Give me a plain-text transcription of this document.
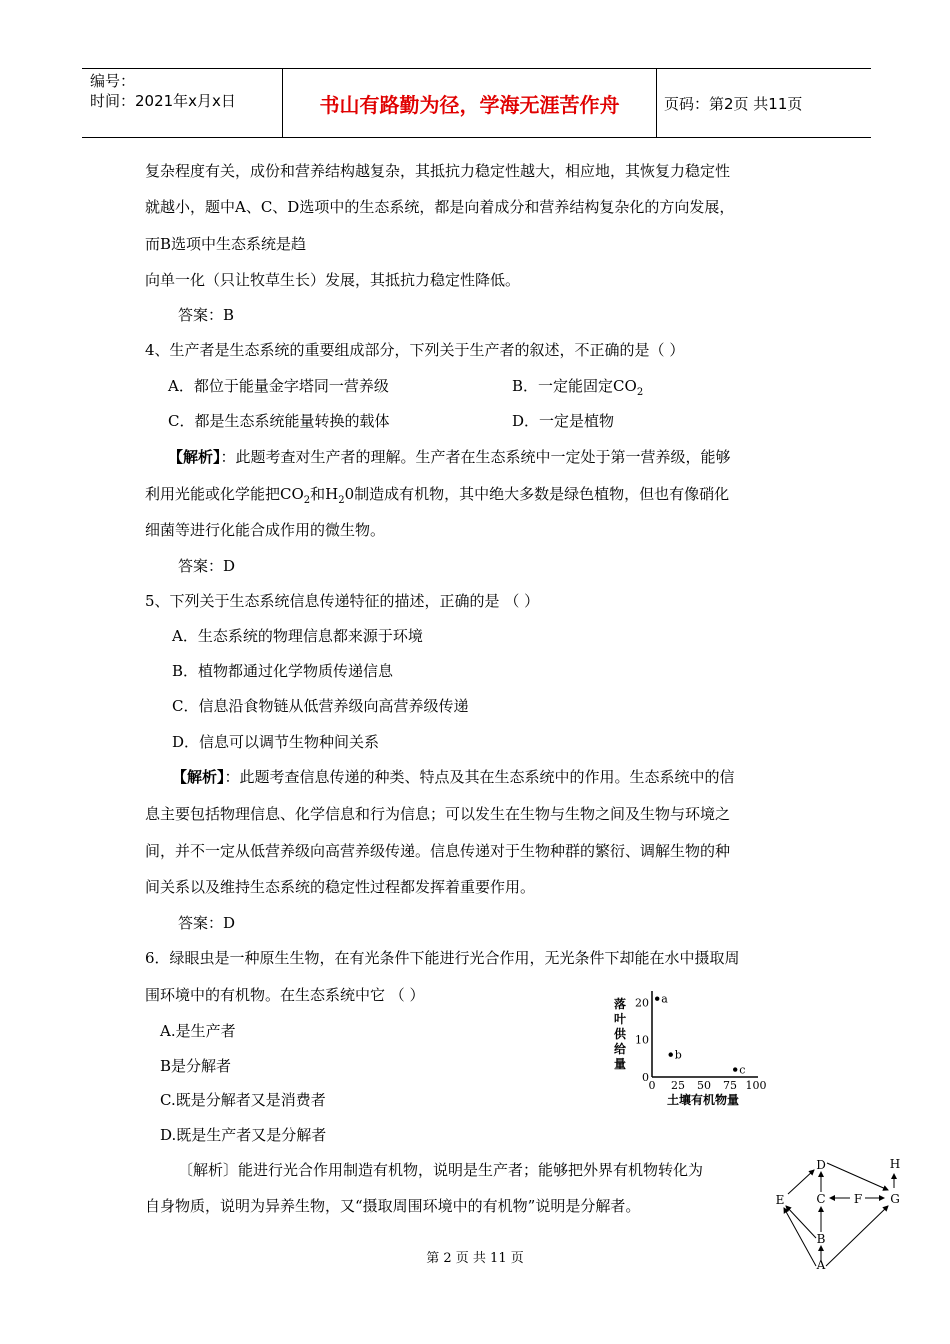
编号：
时间：2021年x月x日	书山有路勤为径，学海无涯苦作舟	页码：第2页 共11页
复杂程度有关，成份和营养结构越复杂，其抵抗力稳定性越大，相应地，其恢复力稳定性
就越小，题中A、C、D选项中的生态系统，都是向着成分和营养结构复杂化的方向发展，
而B选项中生态系统是趋
向单一化（只让牧草生长）发展，其抵抗力稳定性降低。
答案：B
4、生产者是生态系统的重要组成部分，下列关于生产者的叙述，不正确的是（ ）
A．都位于能量金字塔同一营养级	B．一定能固定$CO_2$
C．都是生态系统能量转换的载体	D．一定是植物
【解析】：此题考查对生产者的理解。生产者在生态系统中一定处于第一营养级，能够
利用光能或化学能把$CO_2$和$H_20$制造成有机物，其中绝大多数是绿色植物，但也有像硝化
细菌等进行化能合成作用的微生物。
答案：D
5、下列关于生态系统信息传递特征的描述，正确的是 （ ）
A．生态系统的物理信息都来源于环境
B．植物都通过化学物质传递信息
C．信息沿食物链从低营养级向高营养级传递
D．信息可以调节生物种间关系
【解析】：此题考查信息传递的种类、特点及其在生态系统中的作用。生态系统中的信
息主要包括物理信息、化学信息和行为信息；可以发生在生物与生物之间及生物与环境之
间，并不一定从低营养级向高营养级传递。信息传递对于生物种群的繁衍、调解生物的种
间关系以及维持生态系统的稳定性过程都发挥着重要作用。
答案：D
6．绿眼虫是一种原生生物，在有光条件下能进行光合作用，无光条件下却能在水中摄取周
围环境中的有机物。在生态系统中它 （ ）
A.是生产者
B是分解者
C.既是分解者又是消费者
D.既是生产者又是分解者
〔解析〕能进行光合作用制造有机物，说明是生产者；能够把外界有机物转化为
自身物质，说明为异养生物，又“摄取周围环境中的有机物”说明是分解者。
落
叶
供
给
量
0 25 50 75 100
0
10
20 a
b
c
土壤有机物量
A
B
C
D
E	F G
H
第 2 页 共 11 页
